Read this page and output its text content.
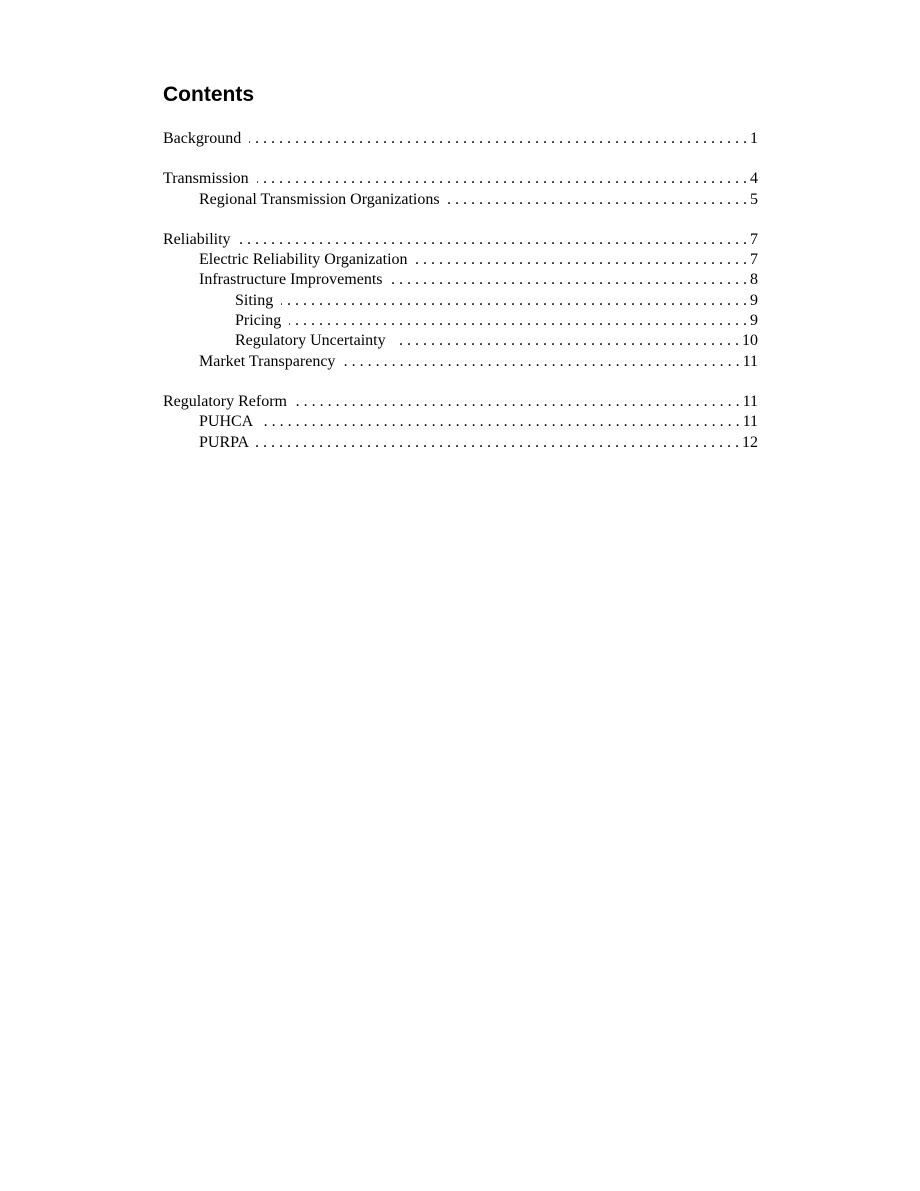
Contents
Background . . .	1
Transmission . . .	4
Regional Transmission Organizations . . .	5
Reliability . . .	7
Electric Reliability Organization . . .	7
Infrastructure Improvements . . .	8
Siting . . .	9
Pricing . . .	9
Regulatory Uncertainty . . .	10
Market Transparency . . .	11
Regulatory Reform . . .	11
PUHCA . . .	11
PURPA . . .	12
